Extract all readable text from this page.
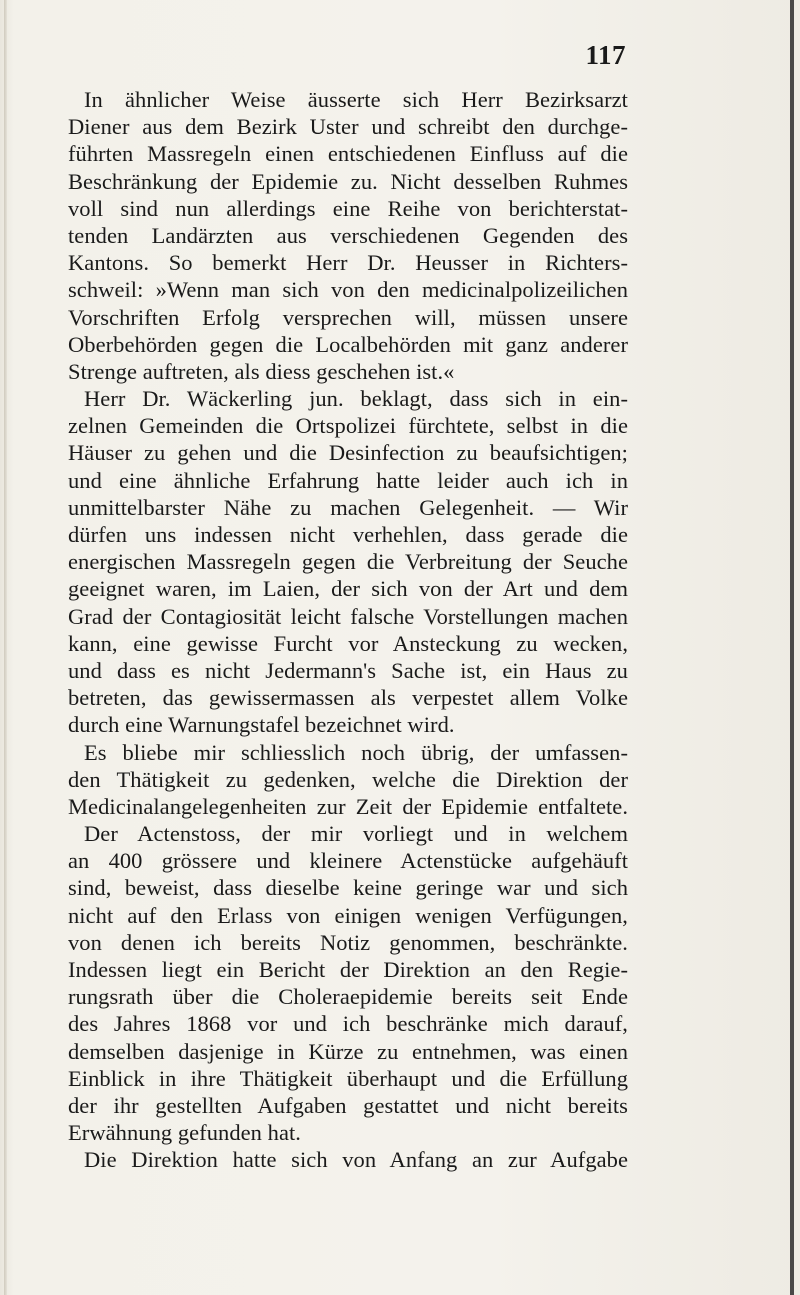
117
In ähnlicher Weise äusserte sich Herr Bezirksarzt
Diener aus dem Bezirk Uster und schreibt den durchge-
führten Massregeln einen entschiedenen Einfluss auf die
Beschränkung der Epidemie zu. Nicht desselben Ruhmes
voll sind nun allerdings eine Reihe von berichterstat-
tenden Landärzten aus verschiedenen Gegenden des
Kantons. So bemerkt Herr Dr. Heusser in Richters-
schweil: »Wenn man sich von den medicinalpolizeilichen
Vorschriften Erfolg versprechen will, müssen unsere
Oberbehörden gegen die Localbehörden mit ganz anderer
Strenge auftreten, als diess geschehen ist.«
Herr Dr. Wäckerling jun. beklagt, dass sich in ein-
zelnen Gemeinden die Ortspolizei fürchtete, selbst in die
Häuser zu gehen und die Desinfection zu beaufsichtigen;
und eine ähnliche Erfahrung hatte leider auch ich in
unmittelbarster Nähe zu machen Gelegenheit. — Wir
dürfen uns indessen nicht verhehlen, dass gerade die
energischen Massregeln gegen die Verbreitung der Seuche
geeignet waren, im Laien, der sich von der Art und dem
Grad der Contagiosität leicht falsche Vorstellungen machen
kann, eine gewisse Furcht vor Ansteckung zu wecken,
und dass es nicht Jedermann's Sache ist, ein Haus zu
betreten, das gewissermassen als verpestet allem Volke
durch eine Warnungstafel bezeichnet wird.
Es bliebe mir schliesslich noch übrig, der umfassen-
den Thätigkeit zu gedenken, welche die Direktion der
Medicinalangelegenheiten zur Zeit der Epidemie entfaltete.
Der Actenstoss, der mir vorliegt und in welchem
an 400 grössere und kleinere Actenstücke aufgehäuft
sind, beweist, dass dieselbe keine geringe war und sich
nicht auf den Erlass von einigen wenigen Verfügungen,
von denen ich bereits Notiz genommen, beschränkte.
Indessen liegt ein Bericht der Direktion an den Regie-
rungsrath über die Choleraepidemie bereits seit Ende
des Jahres 1868 vor und ich beschränke mich darauf,
demselben dasjenige in Kürze zu entnehmen, was einen
Einblick in ihre Thätigkeit überhaupt und die Erfüllung
der ihr gestellten Aufgaben gestattet und nicht bereits
Erwähnung gefunden hat.
Die Direktion hatte sich von Anfang an zur Aufgabe
